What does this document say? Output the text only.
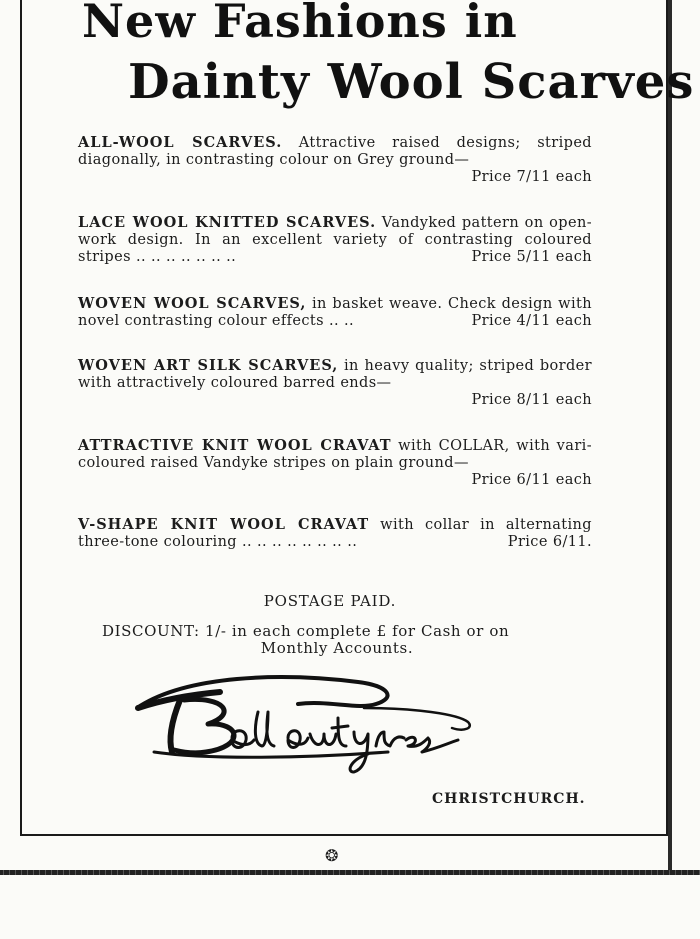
New Fashions in
Dainty Wool Scarves
ALL-WOOL SCARVES. Attractive raised designs; striped diagonally, in contrasting colour on Grey ground—
Price 7/11 each
LACE WOOL KNITTED SCARVES. Vandyked pattern on open-work design. In an excellent variety of contrasting coloured stripes .. .. .. .. .. .. ..	Price 5/11 each
WOVEN WOOL SCARVES, in basket weave. Check design with novel contrasting colour effects .. ..	Price 4/11 each
WOVEN ART SILK SCARVES, in heavy quality; striped border with attractively coloured barred ends—
Price 8/11 each
ATTRACTIVE KNIT WOOL CRAVAT with COLLAR, with vari-coloured raised Vandyke stripes on plain ground—
Price 6/11 each
V-SHAPE KNIT WOOL CRAVAT with collar in alternating three-tone colouring .. .. .. .. .. .. .. ..	Price 6/11.
POSTAGE PAID.
DISCOUNT: 1/- in each complete £ for Cash or on
Monthly Accounts.
CHRISTCHURCH.
❂
